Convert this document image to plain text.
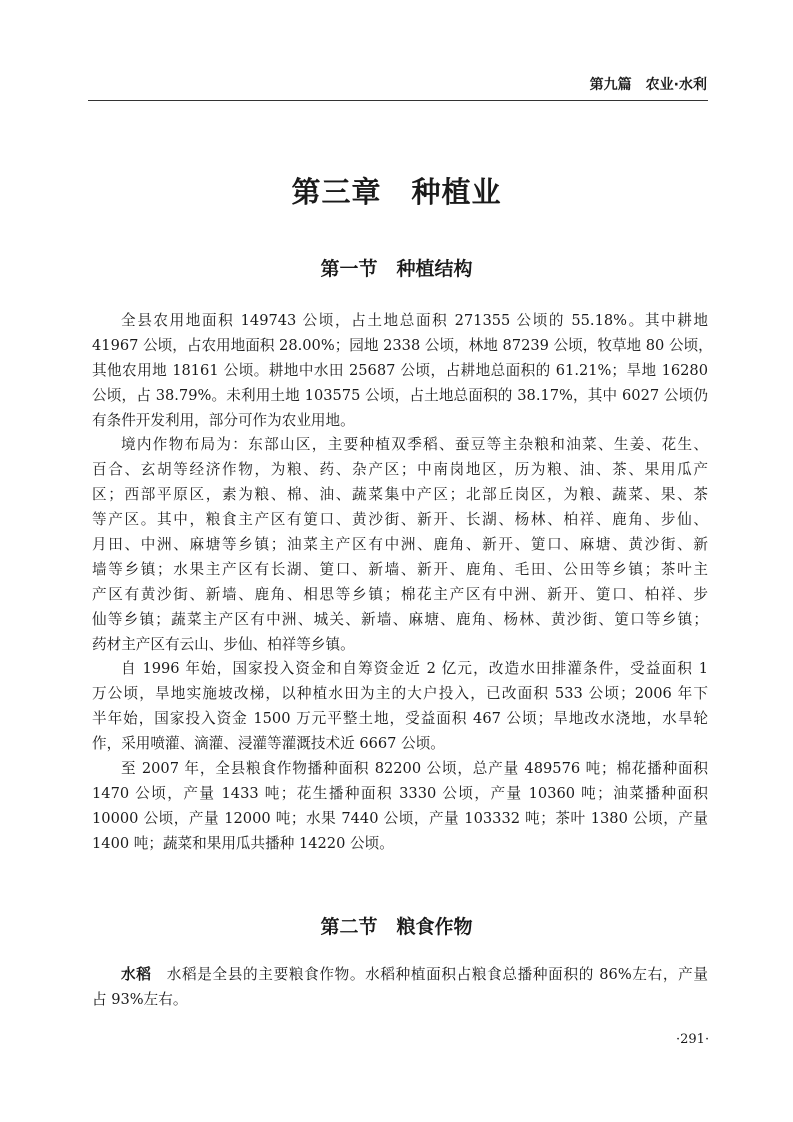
第九篇　农业·水利
第三章　种植业
第一节　种植结构
全县农用地面积 149743 公顷，占土地总面积 271355 公顷的 55.18%。其中耕地
41967 公顷，占农用地面积 28.00%；园地 2338 公顷，林地 87239 公顷，牧草地 80 公顷，
其他农用地 18161 公顷。耕地中水田 25687 公顷，占耕地总面积的 61.21%；旱地 16280
公顷，占 38.79%。未利用土地 103575 公顷，占土地总面积的 38.17%，其中 6027 公顷仍
有条件开发利用，部分可作为农业用地。
境内作物布局为：东部山区，主要种植双季稻、蚕豆等主杂粮和油菜、生姜、花生、
百合、玄胡等经济作物，为粮、药、杂产区；中南岗地区，历为粮、油、茶、果用瓜产
区；西部平原区，素为粮、棉、油、蔬菜集中产区；北部丘岗区，为粮、蔬菜、果、茶
等产区。其中，粮食主产区有筻口、黄沙街、新开、长湖、杨林、柏祥、鹿角、步仙、
月田、中洲、麻塘等乡镇；油菜主产区有中洲、鹿角、新开、筻口、麻塘、黄沙街、新
墙等乡镇；水果主产区有长湖、筻口、新墙、新开、鹿角、毛田、公田等乡镇；茶叶主
产区有黄沙街、新墙、鹿角、相思等乡镇；棉花主产区有中洲、新开、筻口、柏祥、步
仙等乡镇；蔬菜主产区有中洲、城关、新墙、麻塘、鹿角、杨林、黄沙街、筻口等乡镇；
药材主产区有云山、步仙、柏祥等乡镇。
自 1996 年始，国家投入资金和自筹资金近 2 亿元，改造水田排灌条件，受益面积 1
万公顷，旱地实施坡改梯，以种植水田为主的大户投入，已改面积 533 公顷；2006 年下
半年始，国家投入资金 1500 万元平整土地，受益面积 467 公顷；旱地改水浇地，水旱轮
作，采用喷灌、滴灌、浸灌等灌溉技术近 6667 公顷。
至 2007 年，全县粮食作物播种面积 82200 公顷，总产量 489576 吨；棉花播种面积
1470 公顷，产量 1433 吨；花生播种面积 3330 公顷，产量 10360 吨；油菜播种面积
10000 公顷，产量 12000 吨；水果 7440 公顷，产量 103332 吨；茶叶 1380 公顷，产量
1400 吨；蔬菜和果用瓜共播种 14220 公顷。
第二节　粮食作物
水稻　水稻是全县的主要粮食作物。水稻种植面积占粮食总播种面积的 86%左右，产量
占 93%左右。
·291·
